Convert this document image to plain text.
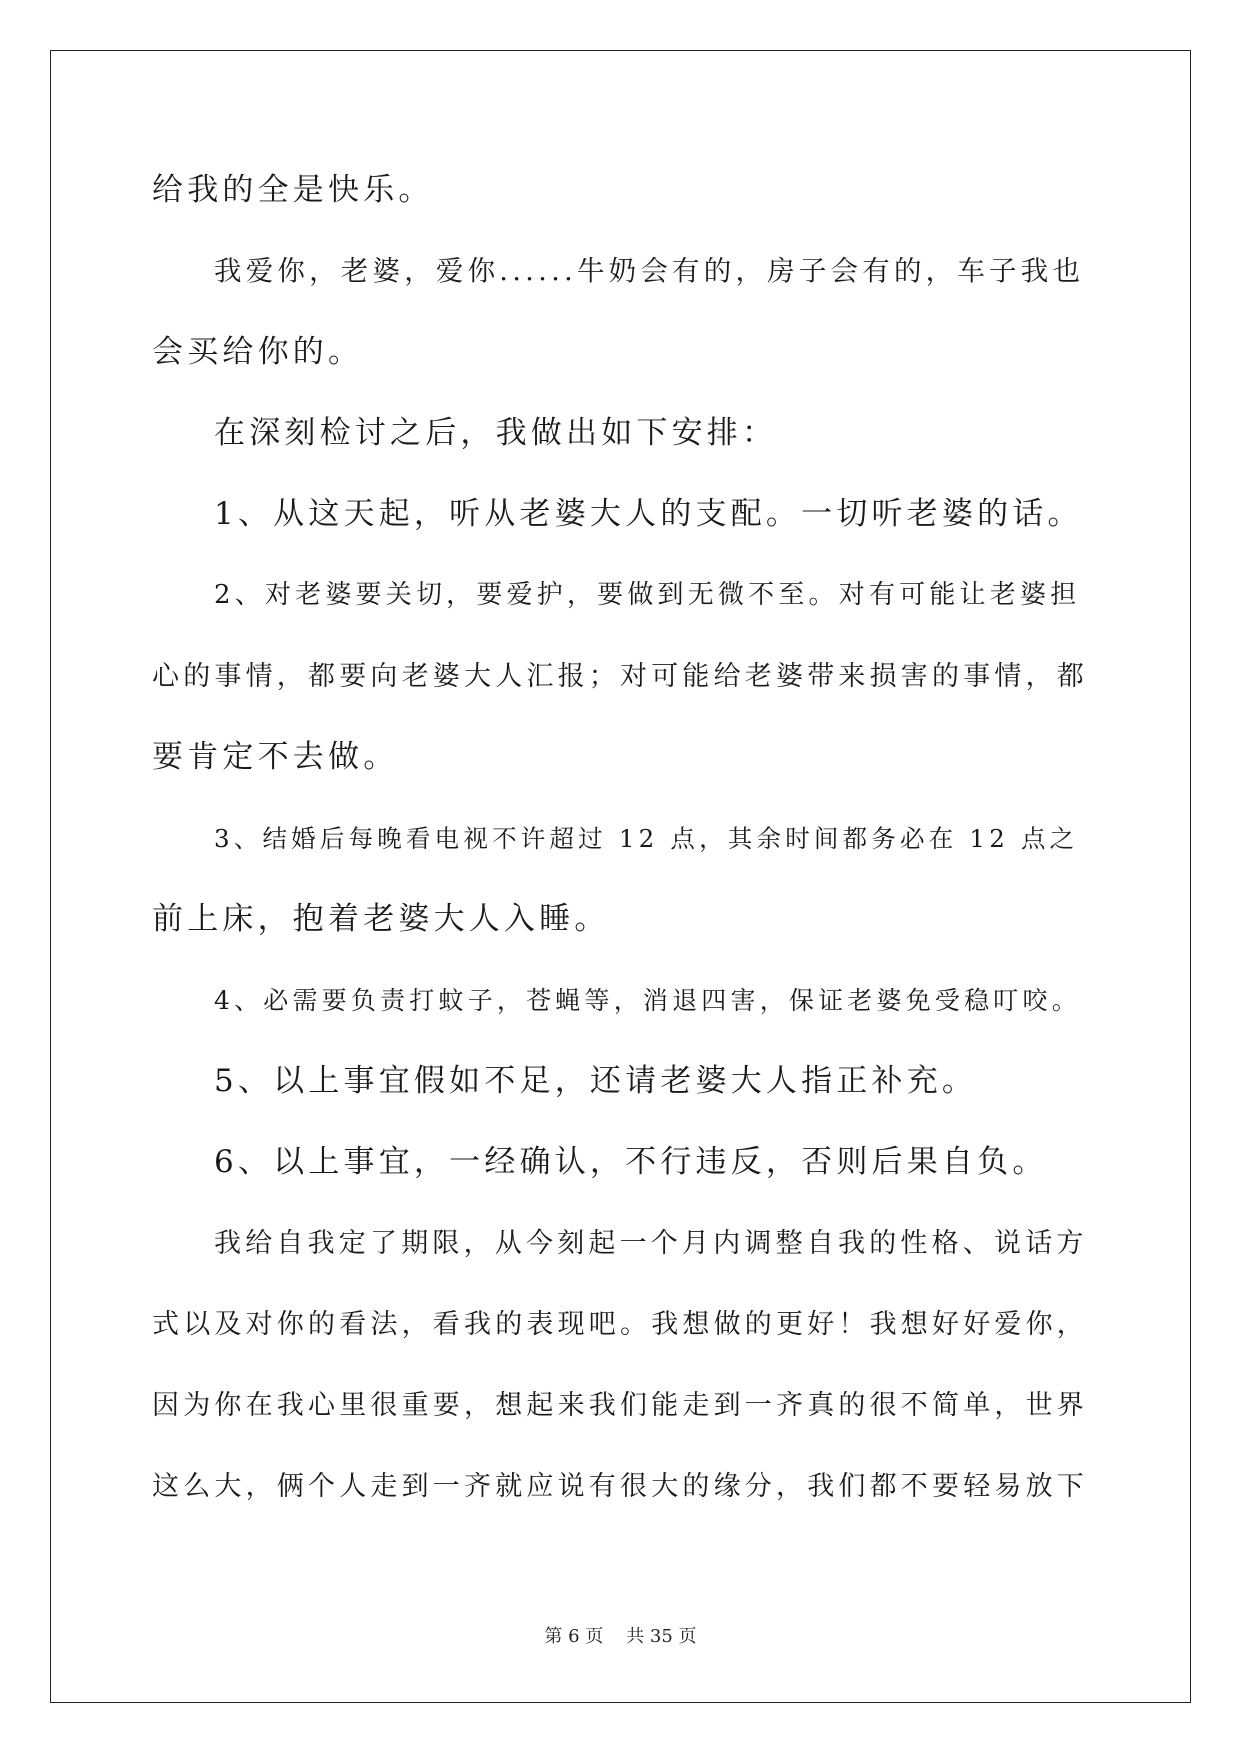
给我的全是快乐。

我爱你，老婆，爱你......牛奶会有的，房子会有的，车子我也

会买给你的。

在深刻检讨之后，我做出如下安排：

1、从这天起，听从老婆大人的支配。一切听老婆的话。

2、对老婆要关切，要爱护，要做到无微不至。对有可能让老婆担

心的事情，都要向老婆大人汇报；对可能给老婆带来损害的事情，都

要肯定不去做。

3、结婚后每晚看电视不许超过 12 点，其余时间都务必在 12 点之

前上床，抱着老婆大人入睡。

4、必需要负责打蚊子，苍蝇等，消退四害，保证老婆免受稳叮咬。

5、以上事宜假如不足，还请老婆大人指正补充。

6、以上事宜，一经确认，不行违反，否则后果自负。

我给自我定了期限，从今刻起一个月内调整自我的性格、说话方

式以及对你的看法，看我的表现吧。我想做的更好！我想好好爱你，

因为你在我心里很重要，想起来我们能走到一齐真的很不简单，世界

这么大，俩个人走到一齐就应说有很大的缘分，我们都不要轻易放下

第 6 页    共 35 页
